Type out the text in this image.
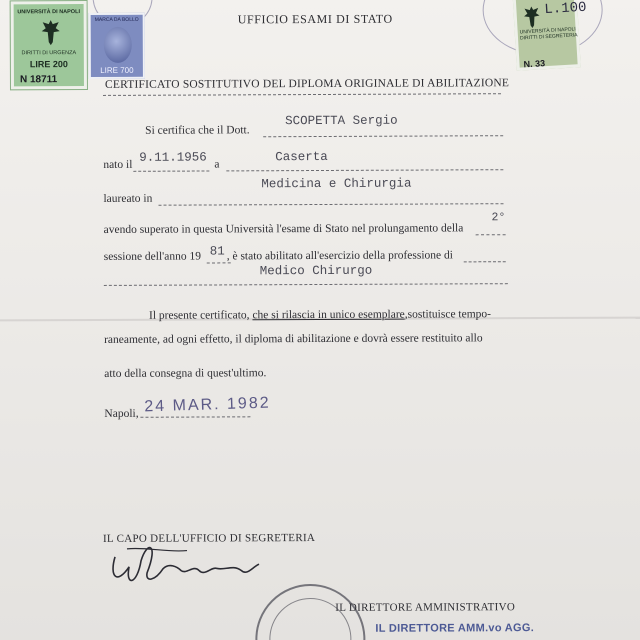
UNIVERSITÀ DI NAPOLI
DIRITTI DI URGENZA
LIRE 200
N 18711
MARCA DA BOLLO
LIRE 700
L.100
UNIVERSITÀ DI NAPOLI DIRITTI DI SEGRETERIA
N. 33
UFFICIO ESAMI DI STATO
CERTIFICATO SOSTITUTIVO DEL DIPLOMA ORIGINALE DI ABILITAZIONE
Si certifica che il Dott.
SCOPETTA Sergio
nato il
9.11.1956 a
Caserta
laureato in
Medicina e Chirurgia
avendo superato in questa Università l'esame di Stato nel prolungamento della
2°
sessione dell'anno 19 81 , è stato abilitato all'esercizio della professione di
Medico Chirurgo
Il presente certificato, che si rilascia in unico esemplare,sostituisce tempo-
raneamente, ad ogni effetto, il diploma di abilitazione e dovrà essere restituito allo
atto della consegna di quest'ultimo.
Napoli, 24 MAR. 1982
IL CAPO DELL'UFFICIO DI SEGRETERIA
IL DIRETTORE AMMINISTRATIVO
IL DIRETTORE AMM.vo AGG.
